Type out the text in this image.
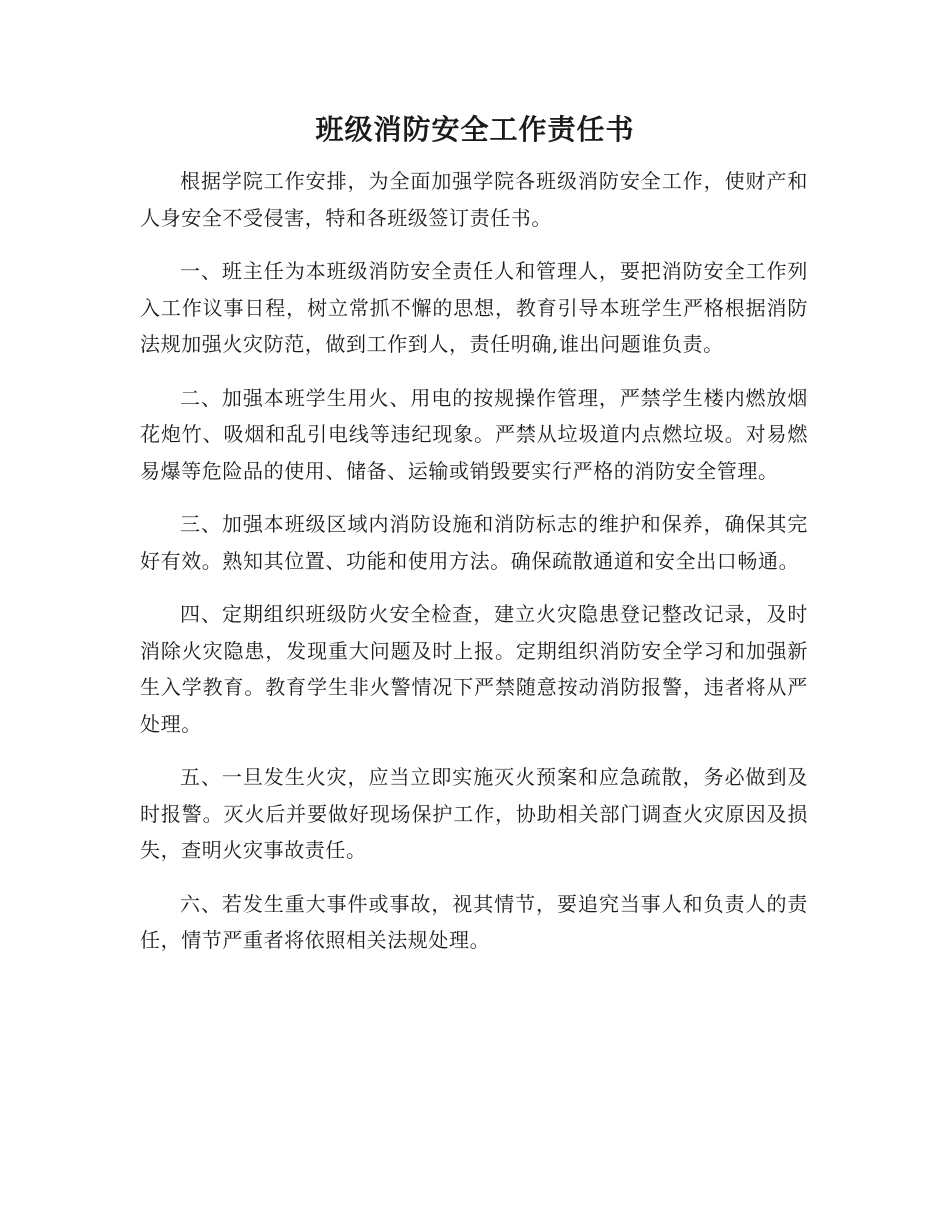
班级消防安全工作责任书

根据学院工作安排，为全面加强学院各班级消防安全工作，使财产和人身安全不受侵害，特和各班级签订责任书。

一、班主任为本班级消防安全责任人和管理人，要把消防安全工作列入工作议事日程，树立常抓不懈的思想，教育引导本班学生严格根据消防法规加强火灾防范，做到工作到人，责任明确,谁出问题谁负责。

二、加强本班学生用火、用电的按规操作管理，严禁学生楼内燃放烟花炮竹、吸烟和乱引电线等违纪现象。严禁从垃圾道内点燃垃圾。对易燃易爆等危险品的使用、储备、运输或销毁要实行严格的消防安全管理。

三、加强本班级区域内消防设施和消防标志的维护和保养，确保其完好有效。熟知其位置、功能和使用方法。确保疏散通道和安全出口畅通。

四、定期组织班级防火安全检查，建立火灾隐患登记整改记录，及时消除火灾隐患，发现重大问题及时上报。定期组织消防安全学习和加强新生入学教育。教育学生非火警情况下严禁随意按动消防报警，违者将从严处理。

五、一旦发生火灾，应当立即实施灭火预案和应急疏散，务必做到及时报警。灭火后并要做好现场保护工作，协助相关部门调查火灾原因及损失，查明火灾事故责任。

六、若发生重大事件或事故，视其情节，要追究当事人和负责人的责任，情节严重者将依照相关法规处理。
